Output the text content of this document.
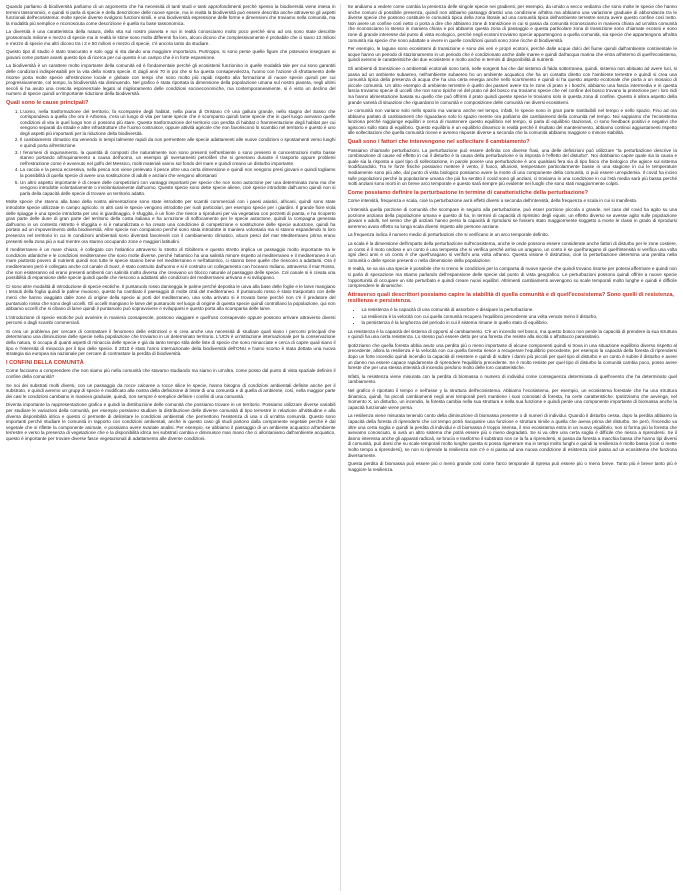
Quando parliamo di biodiversità parliamo di un argomento che ha necessità di tanti studi e tanti approfondimenti perché spesso la biodiversità viene intesa in termini tassonomici, e quindi si parla di specie e della descrizione delle nuove specie, ma in realtà la biodiversità può essere descritta anche attraverso gli aspetti funzionali dell'ecosistema: molte specie diverse svolgono funzioni simili, e una biodiversità espressione delle forme e dimensioni che troviamo nella comunità, ma la modalità più semplice e riconosciuta come descrizione è quella su base tassonomica.

La diversità è una caratteristica della natura, della vita sul nostro pianeta e noi in realtà conosciamo molto poco perché sino ad ora sono state descritte grossomodo milione e mezzo di specie ma in realtà le stime sono molto differenti fra loro, alcuni dicono che complessivamente è probabile che ci siano 13 milioni e mezzo di specie ma altri dicono tra i 3 e 50 milioni e mezzo di specie, c'è ancora tanto da studiare.

Questo tipo di studio è stato trascurato e solo oggi si sta dando una maggiore importanza. Purtroppo, si sono perse quelle figure che potevano insegnare ai giovani come portare avanti questo tipo di ricerca per cui questo è un campo che è in forte espansione.

La biodiversità è un carattere molto importante della comunità ed è fondamentale perché gli ecosistemi funzionino in quelle modalità tale per cui sono garantiti delle condizioni indispensabili per la vita della nostra specie. E dagli anni 70 in poi che si ha questa consapevolezza, l'uomo con l'azione di sfruttamento delle risorse porta molte specie all'estinzione locale e globale con tempi che sono molto più rapidi rispetto alla formazione di nuove specie quindi per cui progressivamente, col tempo, la biodiversità sta diminuendo. Nel grafico è stata riportata la dimensione della popolazione umana sul nostro pianeta, negli ultimi secoli si ha avuto una crescita esponenziale legato al miglioramento delle condizioni socioeconomiche, ma contemporaneamente, si è visto un declino del numero di specie quindi un'importante riduzione della biodiversità.

Quali sono le cause principali?
1. L'uomo, nella trasformazione del territorio, fa scomparire degli habitat, nella piana di Oristano c'è una gallura grande, nello stagno del Sasso che corrispondeva a quella che ora è Arborea, c'era un luogo di vita per tante specie che è scomparso quindi tante specie che in quel luogo avevano quelle condizioni di vita in quel luogo non ci possono più stare. Questa trasformazione del territorio con perdita di habitat o frammentazione degli habitat per cui vengono separati da strade e altre infrastrutture che l'uomo costruisce, oppure attività agricole che non favoriscono lo scambio nel territorio e questo è uno degli aspetti più importanti per la riduzione della biodiversità.
2. Il cambiamento climatico sta venendo in tempi talmente rapidi da non permettere alle specie adattamenti alle nuove condizioni o spostamenti verso luoghi e quindi porta all'estinzione.
3. I fenomeni di inquinamento, la quantità di composti che naturalmente non sono presenti nell'ambiente o sono presenti in concentrazioni molto basse stanno portando all'inquinamento a causa dell'uomo, un esempio gli sversamenti petroliferi che si generano durante il trasporto oppure problemi nell'estrazione come è avvenuto nel golfo del Messico, molti materiali vanno sul fondo del mare e quindi creano un disturbo importante.
4. La caccia e la pesca eccessiva, nella pesca non viene prelevato il pesce oltre una certa dimensione e quindi non vengono presi giovani e quindi togliamo la possibilità di quella specie di avere una sostituzione di adulti e anziani che vengono allontanati
5. Un altro aspetto importante è di creare delle competizioni con vantaggi importanti per specie che non sono autoctone per una determinata zona ma che vengono introdotte volontariamente o involontariamente dall'uomo. Queste specie sono dette specie aliene, cioè specie introdotte dall'uomo quindi non si parla della capacità delle specie di trovare un territorio adatto.

Molte specie che stanno alla base della nostra alimentazione sono state introdotte per scambi commerciali con i paesi asiatici, africani, quindi sono state introdotte specie utilizzate in campo agricolo. In altri casi le specie vengono introdotte per ruoli particolari, per esempio specie per i giardini. Il grande fiore viola delle spiagge è una specie introdotta per uso in giardinaggio, è sfuggita, è un fiore che riesce a riprodursi per via vegetativa con pezzetti di pianta, e ha ricoperto gran parte delle dune di gran parte del territorio della costa italiana e ha un'azione di soffocamento per le specie autoctone, quindi la compagna generata dall'uomo in un contesto ristretto è sfuggita e si è naturalizzata e ha creato una condizione di competizione e sostituzione delle specie autoctone, quindi ha portato ad un impoverimento della biodiversità. Altre specie non compaiono perché sono stata introdotte in maniera volontaria ma si stanno espandendo lo loro presenza nel territorio in cui le condizioni ambientali sono diventati favorevoli con il cambiamento climatico, alcuni pesci del mar Mediterraneo prima erano presenti nella zona più a sud mentre ora stanno occupando zone e maggiori latitudini.

Il mediterraneo è un mare chiuso, è collegato con l'atlantico attraverso lo stretto di Gibilterra e questo stretto implica un passaggio molto importante tra le condizioni atlantiche e le condizioni mediterranee che sono molte diverse, perché l'atlantico ha una salinità minore rispetto al mediterraneo e il mediterraneo è un mare piuttosto povero di nutrienti quindi non tutte le specie stanno bene nel mediterraneo e nell'atlantico, ci stanno bene quelle che riescono a adattarsi. Ora il mediterraneo però è collegato anche col canale di Suez, è stato costruito dall'uomo e si è costruito un collegamento con l'oceano Indiano, attraverso il mar Rosso, che non esisteranno ed erano presenti ambienti con salinità molto diversa che creavano un blocco naturale al passaggio delle specie. Col canale si è creata una possibilità di espansione delle specie quindi quelle che riescono a adattarsi alle condizioni del mediterraneo arrivano e si sviluppano.

Ci sono altre modalità di introduzione di specie esotiche. Il puntaruolo rosso danneggia le palme perché deposita le uova alla base delle foglie e le larve mangiano i tessuti della foglia quindi le palme muoiono, questo ha cambiato il paesaggio di molte città del mediterraneo. Il puntaruolo rosso è stato trasportato con delle merci che hanno viaggiato dalle zone di origine della specie ai porti del mediterraneo, una volta arrivato si è trovato bene perché non c'è il predatore del puntaruolo rosso che sono degli uccelli. Gli uccelli mangiano le larve del puntaruolo nel luogo di origine di questa specie quindi controllano la popolazione, qui non abbiamo uccelli che si cibano di larve quindi il puntaruolo può sopravvivere e svilupparsi e questo porta alla scomparsa delle larve.

L'introduzione di specie esotiche può avvenire in maniera consapevole, possono viaggiare e quell'uso consapevole oppure possono arrivare attraverso diversi percorsi o dagli scambi commerciali.

Si crea un problema per cercare di contrastare il fenomeno delle estinzioni e si crea anche una necessità di studiare quali siano i percorsi principali che determinano una diminuzione delle specie nella popolazione che troviamo in un determinato territorio. L'UCN è un'istituzione internazionale per la conservazione della natura, si occupa di quanti aspetti di minaccia delle specie e già da tanto tempo stila delle liste di specie che sono minacciate e cerca di capire quali siano il tipo e l'intensità di minaccia per il tipo delle specie. Il 2010 è stato l'anno internazionale della biodiversità dell'ONU e l'anno scorso è stata dettata una nuova strategia sia europea sia nazionale per cercare di contrastare la perdita di biodiversità.

I CONFINI DELLA COMUNITÀ

Come facciamo a comprendere che non siamo più nella comunità che stavamo studiando ma siamo in un'altra, come posso dal punto di vista spaziale definire il confine della comunità?

Se noi dei substrati molti diversi, con un passaggio da rocce calcaree a rocce silice le specie, hanno bisogno di condizioni ambientali definite anche per il substrato, e quindi avremo un grupp di specie è modificato alla nostra della definizione di limite di una comunità e di quella di ambiente, così, nella maggior parte dei casi le condizioni cambiano in maniera graduale, quindi, non sempre è semplice definire i confini di una comunità.

Diventa importante la rappresentazione grafica e quindi la distribuzione delle comunità che possiamo trovare in un territorio. Possiamo utilizzare diverse variabili per studiare le variazioni della comunità, per esempio possiamo studiare la distribuzione delle diverse comunità di tipo terrestre in relazione all'altitudine e alla diversa disponibilità idrica e questo ci permette di delimitare le condizioni ambientali che permettono l'esistenza di una o di un'altra comunità. Questo sono importanti perché studiare le comunità in rapporto con condizioni ambientali, anche in questo caso gli studi partono dalla componente vegetale perché è dal vegetale che si riflette la componente animale, e possiamo avere svariate analisi. Per esempio, se abbiamo il passaggio di un ambiente acquatico all'ambiente terrestre e verso la presenza di vegetazione che e la disponibilità idrica nei substrati cambia e diminuisce man mano che ci allontaniamo dall'ambiente acquatico, questo è importante per trovare diverse fasce vegetazionali di adattamento alle diverse condizioni.

Se andiamo a vedere come cambia la presenza delle singole specie nei gradienti, per esempio, da umido a secco vediamo che sono molte le specie che hanno anche comuni di possibile presenza, quindi non abbiamo passaggi drastici una condizione all'altra ma abbiamo una variazione graduale di abbondanza tra le diverse specie che possono costituire le comunità tipica della zona litorale ad una comunità tipica dell'ambiente terrestre senza avere questo confine così netto. Non avere un confine così netto ci porta a dire che abbiamo zone di transizione in cui si passa da comunità riconosciamo in maniera chiara ad un'altra comunità che riconosciamo lo stesso in maniera chiara e poi abbiamo questa zona di passaggio e questa particolare zona di transizione sono chiamate ecotoni e sono zone di grande interesse dal punto di vista ecologico, perché negli ecotoni troviamo specie appartengono a quella comunità, sia specie che appartengono all'altra comunità sia specie che sono adattate a vivere in quelle condizioni quindi sono zone ricche di biodiversità.

Per esempio, le lagune sono ecosistemi di transizione e sono dei veri e propri ecotoni, perché dalle acque dolci del fiume quindi dall'ambiente continentale le acque hanno un periodo di stazionamento in un periodo che è condizionato anche dalle maree e quindi dall'acqua marina che entra all'interno di quell'ecosistema, quindi avremo le caratteristiche dei due ecosistemi e molto anche in termini di disponibilità di nutrienti.

Gli ambienti di transizione o ambientali ecotonali sono tanti, nelle sorgenti hai che dal sistema di falda sotterranea, quindi, sistema non abituato ad avere luci, si passa ad un ambiente subaereo, nell'ambiente subaereo ho un ambiente acquatico che ha un contatto diretto con l'ambiente terrestre e quindi si crea una comunità tipica della presenza di acqua che ha una certa energia anche nello scorrimento e quindi si ha questo aspetto ecotonale che porta a un mosaico di piccole comunità. Un altro esempio di ambiente terrestre è quello dei passeri avere tra le zone di prato e i boschi, abbiamo una fascia intermedia e in questa fascia troviamo specie di uccelli che non sono tipiche né del prato né del bosco ma troviamo specie che nel confine del bosco trovano la protezione per i loro nidi ma hanno alimentazione basata su quello che può offrirmi il prato quindi queste specie le troviamo solo in questa zona di confine. Questo è allora aspetto della grande varietà di situazioni che riguardano le comunità e composizione delle comunità nei diversi ecosistemi.

Le comunità non variano solo nello spazio ma variano anche nel tempo, infatti, le specie sono in gran parte sostituibili nel tempo e nello spazio. Fino ad ora abbiamo parlato di cambiamenti che riguardano solo lo spazio mentre ora parliamo dei cambiamenti della comunità nel tempo. Noi sappiamo che l'ecosistema funziona perché raggiunge equilibri e cerca di mantenere questo equilibrio nel tempo, si parla di equilibrio stazionari, ci sono feedback positivi e negativi che agiscono sullo stato di equilibrio. Questo equilibrio è un equilibrio dinamico in realtà perché il risultato del mantenimento, abbiamo continui aggiustamenti rispetto alle sollecitazioni che quella comunità riceve e avremo risposte diverse a seconda che la comunità abbiamo maggiore o minore stabilità.

Quali sono i fattori che intervengono nel sollecitare il cambiamento?

Possiamo chiamarle perturbazioni. La perturbazione può essere definita con diverse frasi, una delle definizioni può utilizzare "la perturbazione descrive la combinazione di cause ed effetto in cui il disturbo è la causa della perturbazione e la risposta è l'effetto del disturbo". Noi dobbiamo capire quale sia la causa e quale sia la risposta a quel tipo di sollecitazione, in parole povere una perturbazione è uno qualsiasi fera sia di tipo fisico che biologico che agisce sul sistema modificandolo. Tra le forze fisiche possiamo mettere il vento, il fuoco, alluvioni, temperature particolarmente basse in una stagione in cui le temperature mediamente sono più alte, dal punto di vista biologico possiamo avere la morte di una componente della comunità, ci può essere un'epidemia. Il covid ha inciso sulle popolazioni perché la popolazione umana che più ha sentito il covid sono gli anziani, ci troviamo in una condizione in cui l'età media sarà più bassa perché molti anziani sono morti in un breve arco temporale e questo sarà sempre più evidente nei luoghi che sono stati maggiormente colpiti.

Come possiamo definire la perturbazione in termine di caratteristiche della perturbazione?

Come intensità, frequenza e scala, cioè la perturbazione avrà effetti diversi a seconda dell'intensità, della frequenza e scala in cui si manifesta.

L'intensità quella porzione di comunità che scompare in seguito alla perturbazione, può esser porzione piccola o grande, nel caso del covid ha agito su una porzione anziana della popolazione umana e questo di ha, in termini di capacità di ripristino degli equini, un effetto diverso se avesse agito sulle popolazione giovani e adulti, nel senso che gli anziani hanno perso la capacità di riprodursi se fossero stato maggiormente soggetto a morte le classi in grado di riprodursi avremmo avuto effetto su lunga scala diversi rispetto alle persone anziane.

La frequenza indica il numero medio di perturbazioni che si verificano in un arco temporale definito.

La scala è la dimensione dell'impatto della perturbazione sull'ecosistema, anche le onde possono essere considerate anche fattori di disturbo per le zone costiere, un conto è il moto ondoso e un conto è una tempesta che si verifica perché arriva un uragano, un conto è se quell'uragano di quell'intensità si verifica una volta ogni dieci anni e un conto è che quell'uragano si verifichi una volta all'anno. Questa visione è distruttiva, cioè la perturbazione determina una perdita nella comunità o delle specie presenti o nella dimensione della popolazione.

In realtà, se va via una specie è possibile che si creino le condizioni per la comparsa di nuove specie che quindi trovano risorse per poterai affermare e quindi non si parla di specazione ma stiamo parlando dell'espansione delle specie dal punto di vista geografico. Le perturbazioni possono quindi offrire a nuove specie l'opportunità di occupare un sito perturbato e quindi creare nuovi equilibri. Altrimenti cambiamenti avvengono su scale temporali molto lunghe e quindi è difficile comprendere le dinamiche.

Attraverso quali descrittori possiamo capire la stabilità di quella comunità e di quell'ecosistema? Sono quelli di resistenza, resilienza e persistenza.
• La resistenza è la capacità di una comunità di assorbire o dissipare la perturbazione.
• La resilienza è la velocità con cui quella comunità recupera l'equilibrio precedente una volta venuto meno il disturbo,
• la persistenza è la lunghezza del periodo in cui il sistema rimane in quello stato di equilibrio.

La resistenza è la capacità del sistema di opporsi al cambiamento. C'è un incendio nel bosco, ma questo bosco non perde la capacità di prendere la sua struttura e quindi ha una certa resistenza. Lo stesso può essere detto per una foresta che resiste alla siccità o all'attacco parassitario.

Ipotizziamo che quella foresta abbia avuto una perdita più o meno importante di alcune componenti quindi si trova in una situazione equilibrio diverso rispetto al precedente, allora la resilienza è la velocità con cui quella foresta riesce a recuperare l'equilibrio precedente, per esempio la capacità della foresta di riprendersi dopo un forte incendio quindi incendio la capacità di resistere e quindi di subire i danni più piccoli per quel tipo di disturbo e un conto è subire il disturbo e avere un danno ma essere capace rapidamente di riprendere l'equilibrio precedente. Se è molto resiste per quel tipo di disturbo la comunità cambia poco, posso avere foreste che per una stessa intensità di incendio perdono molto delle loro caratteristiche.

Infatti, la resistenza viene misurata con la perdita di biomassa o numero di individui come conseguenza determinata di quell'evento che ha determinato quel cambiamento.

Nel grafico è riportato il tempo e nell'asse y la struttura dell'ecosistema. Abbiamo l'ecosistema, per esempio, un ecosistema forestale che ha una struttura dinamica, quindi, ha piccoli cambiamenti negli anni temporali però mantiene i suoi connotati di foresta, ha certe caratteristiche. Ipotizziamo che avvenga, nel momento X, un disturbo, un incendio, la foresta cambia nella sua struttura e nella sua funzione e quindi perde una componente importante di biomassa anche la capacità funzionale viene persa.

La resilienza viene misurata tenendo conto della diminuzione di biomassa presente o di numeri di individui. Quando il disturbo cessa, dopo la perdita abbiamo la capacità della foresta di riprendersi che col tempo potrà riacquisire una funzione e struttura simile a quella che aveva prima del disturbo. Se però, l'incendio va oltre una certa soglia e quindi la perdita di individui e di biomassa è troppo intensa, il mio ecosistema entra in un nuovo equilibrio, non si forma più la foresta che avevamo conosciuto, si avrà un altro sistema che potrà essere più o meno degradato. Se si va oltre una certa soglia è difficile che riesca a riprendersi. Se il danno interessa anche gli apparati radicali, se brucio e trasformo il substrato non ce la fa a riprendersi, si passa da foresta a macchia bassa che hanno tipi diversi di comunità, può darsi che su scale temporali molto lunghe questa si possa rigenerare ma in tempi molto lunghi e quindi la resilienza è molto bassa (cioè ci mette molto tempo a riprendersi), se non si riprende la resilienza non c'è e si passa ad una nuova condizione di esistenza cioè passa ad un ecosistema che funziona diversamente.

Questa perdita di biomassa può essere più o meno grande così come l'arco temporale di ripresa può essere più o meno breve. Tanto più è breve tanto più è maggiore la resilienza.
